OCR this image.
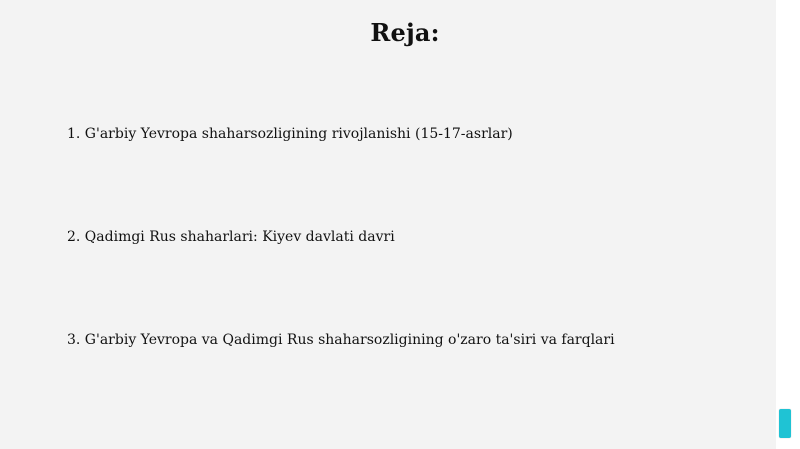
Reja:
1. G'arbiy Yevropa shaharsozligining rivojlanishi (15-17-asrlar)
2. Qadimgi Rus shaharlari: Kiyev davlati davri
3. G'arbiy Yevropa va Qadimgi Rus shaharsozligining o'zaro ta'siri va farqlari
